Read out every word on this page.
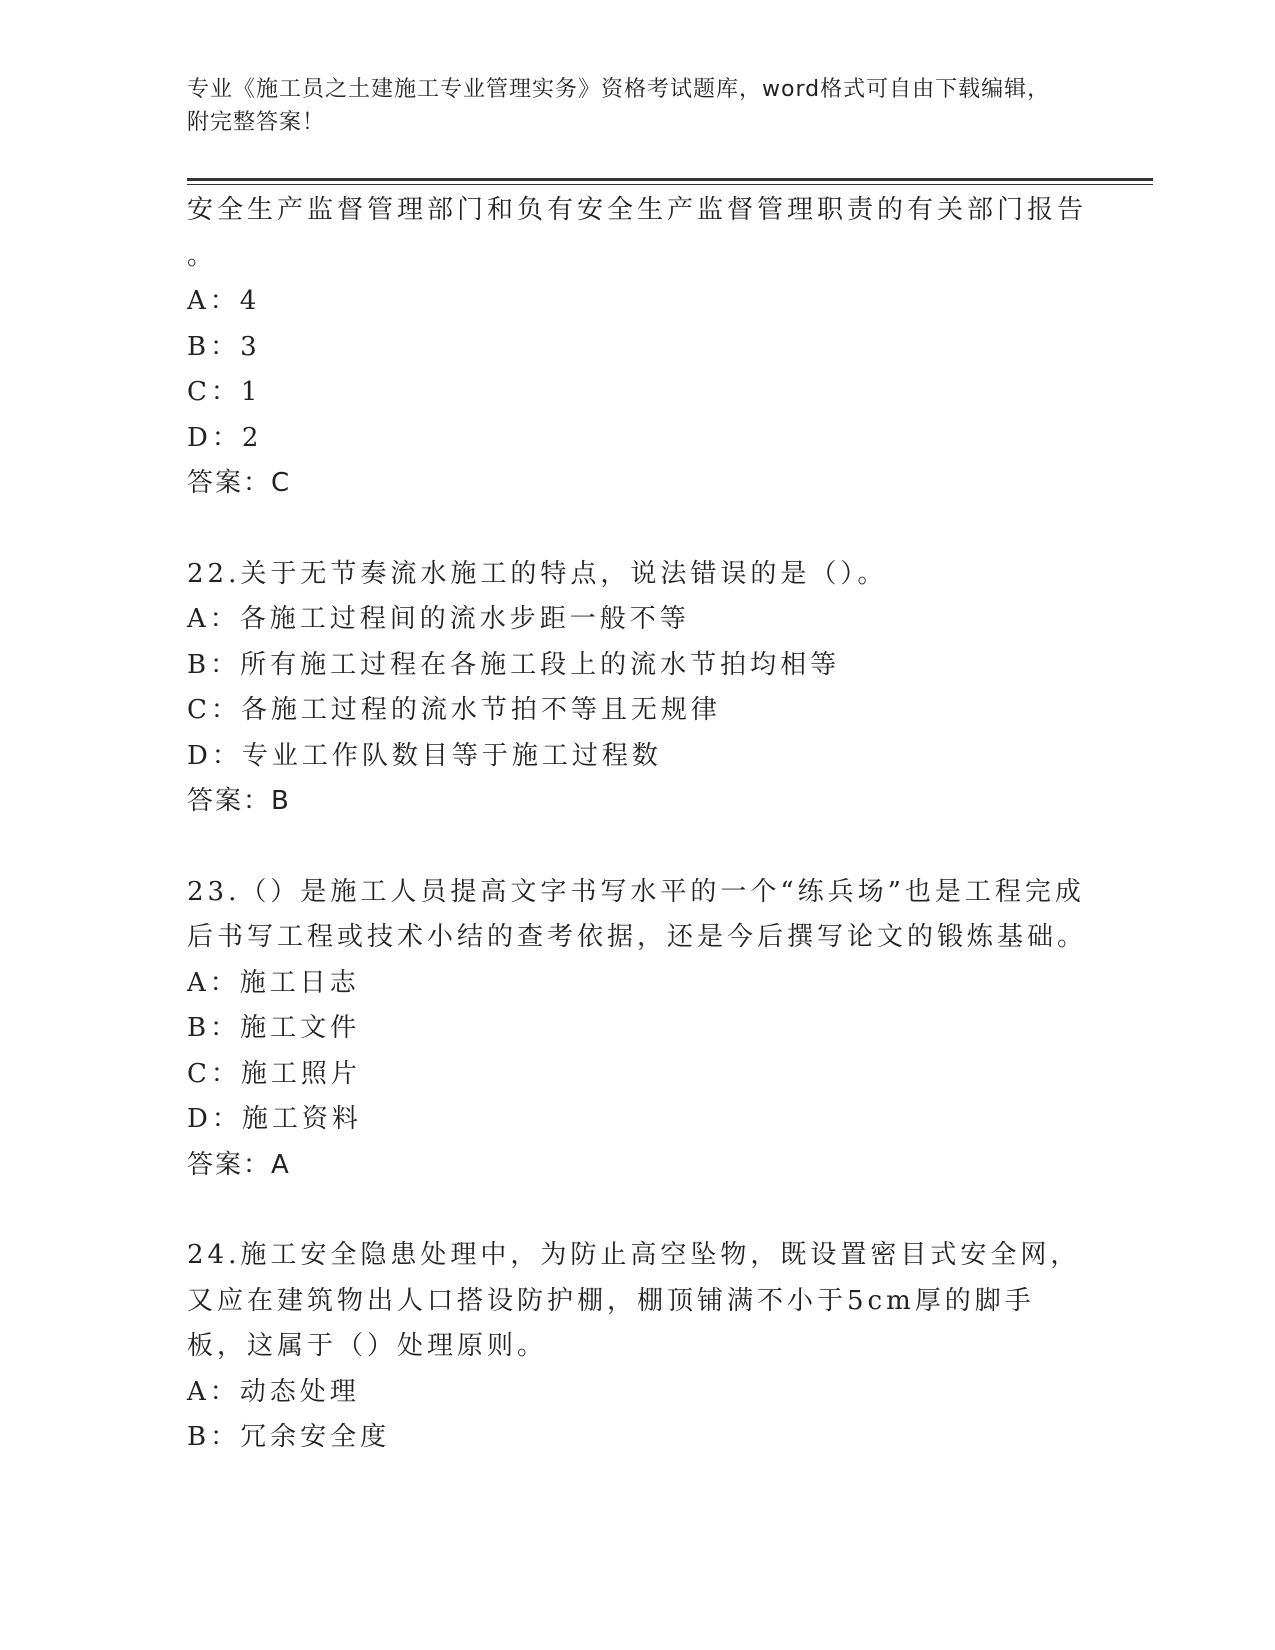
专业《施工员之土建施工专业管理实务》资格考试题库，word格式可自由下载编辑，附完整答案！
安全生产监督管理部门和负有安全生产监督管理职责的有关部门报告
。
A：4
B：3
C：1
D：2
答案：C
22.关于无节奏流水施工的特点，说法错误的是（）。
A：各施工过程间的流水步距一般不等
B：所有施工过程在各施工段上的流水节拍均相等
C：各施工过程的流水节拍不等且无规律
D：专业工作队数目等于施工过程数
答案：B
23.（）是施工人员提高文字书写水平的一个“练兵场”也是工程完成后书写工程或技术小结的查考依据，还是今后撰写论文的锻炼基础。
A：施工日志
B：施工文件
C：施工照片
D：施工资料
答案：A
24.施工安全隐患处理中，为防止高空坠物，既设置密目式安全网，又应在建筑物出人口搭设防护棚，棚顶铺满不小于5cm厚的脚手板，这属于（）处理原则。
A：动态处理
B：冗余安全度
